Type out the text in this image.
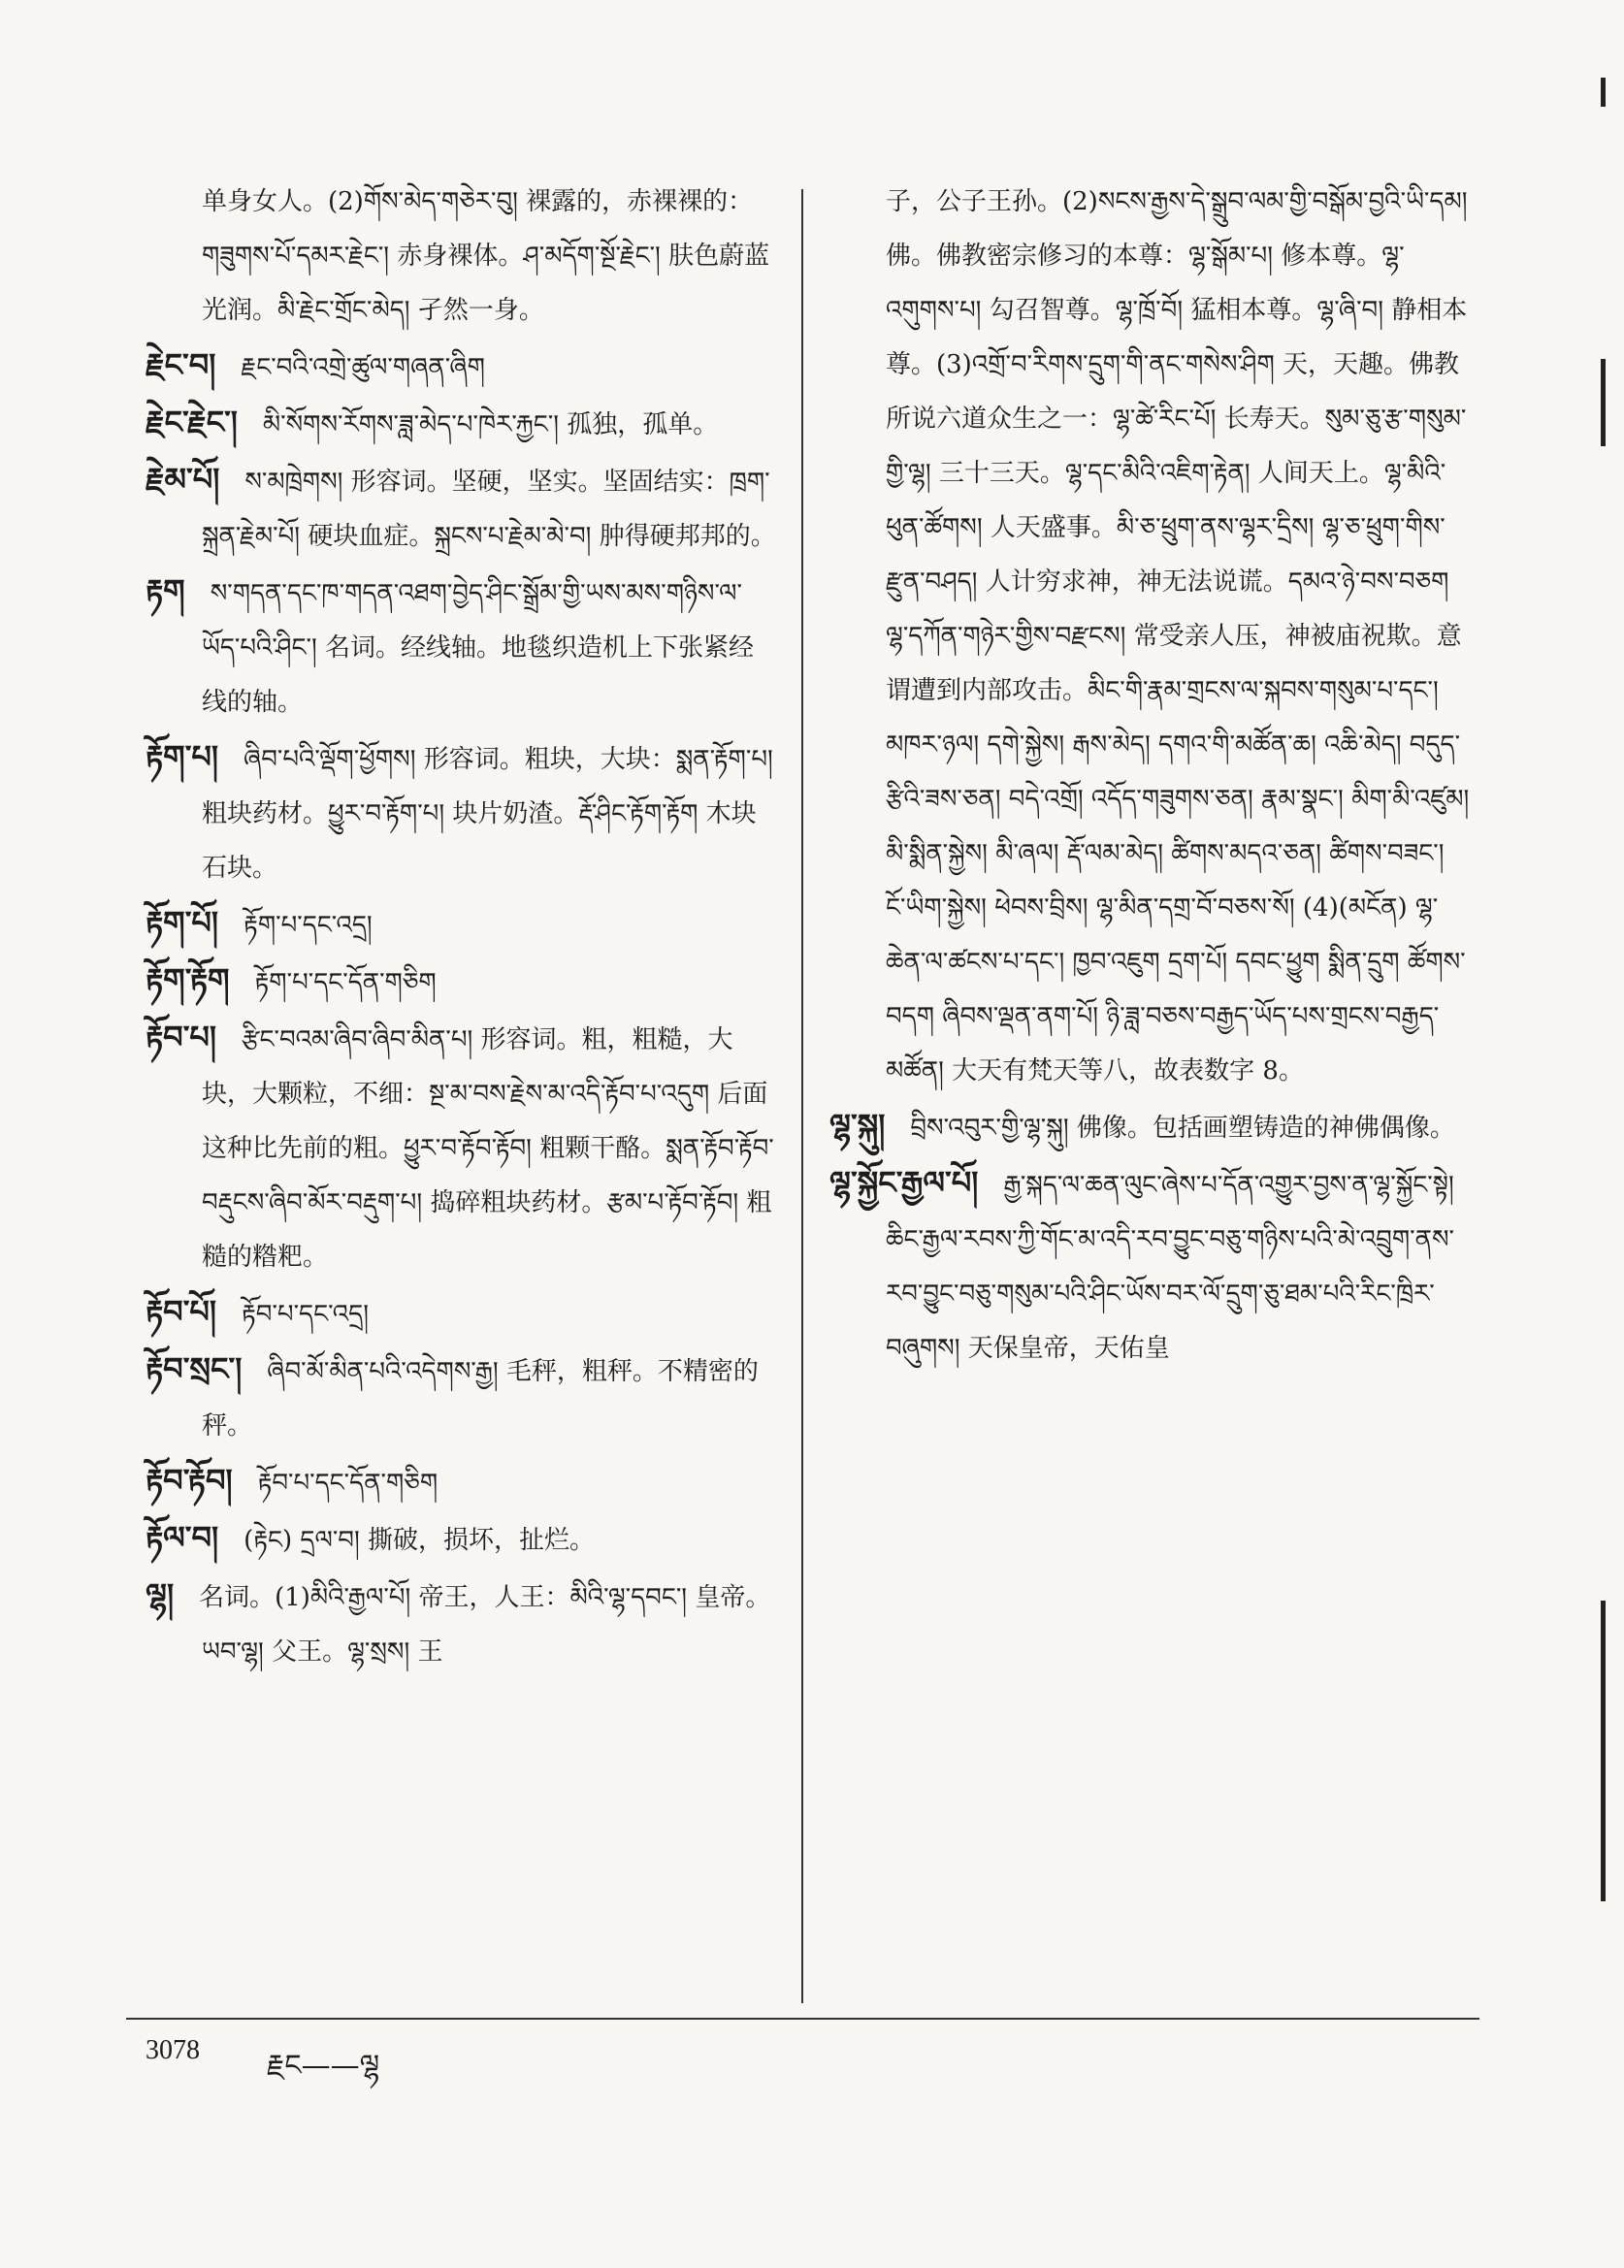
单身女人。(2)གོས་མེད་གཅེར་བུ། 裸露的，赤裸裸的：གཟུགས་པོ་དམར་རྗེང་། 赤身裸体。ཤ་མདོག་སྔོ་རྗེང་། 肤色蔚蓝光润。མི་རྗེང་གྲོང་མེད། 孑然一身。

རྗེང་བ།  རྗང་བའི་འགྲེ་ཚུལ་གཞན་ཞིག

རྗེང་རྗེང་།  མི་སོགས་རོགས་ཟླ་མེད་པ་ཁེར་རྐྱང་། 孤独，孤单。

རྗེམ་པོ།  ས་མཁྲེགས། 形容词。坚硬，坚实。坚固结实：ཁྲག་སྐྲན་རྗེམ་པོ། 硬块血症。སྐྲངས་པ་རྗེམ་མེ་བ། 肿得硬邦邦的。

རྟག  ས་གདན་དང་ཁ་གདན་འཐག་བྱེད་ཤིང་སྒྲོམ་གྱི་ཡས་མས་གཉིས་ལ་ཡོད་པའི་ཤིང་། 名词。经线轴。地毯织造机上下张紧经线的轴。

རྟོག་པ།  ཞིབ་པའི་ལྡོག་ཕྱོགས། 形容词。粗块，大块：སྨན་རྟོག་པ། 粗块药材。ཕྱུར་བ་རྟོག་པ། 块片奶渣。རྡོ་ཤིང་རྟོག་རྟོག 木块石块。

རྟོག་པོ།  རྟོག་པ་དང་འདྲ།

རྟོག་རྟོག  རྟོག་པ་དང་དོན་གཅིག

རྟོབ་པ།  རྩིང་བའམ་ཞིབ་ཞིབ་མིན་པ། 形容词。粗，粗糙，大块，大颗粒，不细：སྔ་མ་བས་རྗེས་མ་འདི་རྟོབ་པ་འདུག 后面这种比先前的粗。ཕྱུར་བ་རྟོབ་རྟོབ། 粗颗干酪。སྨན་རྟོབ་རྟོབ་བརྡུངས་ཞིབ་མོར་བརྡུག་པ། 捣碎粗块药材。རྩམ་པ་རྟོབ་རྟོབ། 粗糙的糌粑。

རྟོབ་པོ།  རྟོབ་པ་དང་འདྲ།

རྟོབ་སྲང་།  ཞིབ་མོ་མིན་པའི་འདེགས་རྒྱ། 毛秤，粗秤。不精密的秤。

རྟོབ་རྟོབ།  རྟོབ་པ་དང་དོན་གཅིག

རྟོལ་བ།  (རྟེང) དྲལ་བ། 撕破，损坏，扯烂。

ལྷ།  名词。(1)མིའི་རྒྱལ་པོ། 帝王，人王：མིའི་ལྷ་དབང་། 皇帝。ཡབ་ལྷ། 父王。ལྷ་སྲས། 王

子，公子王孙。(2)སངས་རྒྱས་དེ་སྒྲུབ་ལམ་གྱི་བསྒོམ་བྱའི་ཡི་དམ། 佛。佛教密宗修习的本尊：ལྷ་སྒོམ་པ། 修本尊。ལྷ་འགུགས་པ། 勾召智尊。ལྷ་ཁྲོ་བོ། 猛相本尊。ལྷ་ཞི་བ། 静相本尊。(3)འགྲོ་བ་རིགས་དྲུག་གི་ནང་གསེས་ཤིག 天，天趣。佛教所说六道众生之一：ལྷ་ཚེ་རིང་པོ། 长寿天。སུམ་ཅུ་རྩ་གསུམ་གྱི་ལྷ། 三十三天。ལྷ་དང་མིའི་འཇིག་རྟེན། 人间天上。ལྷ་མིའི་ཕུན་ཚོགས། 人天盛事。མི་ཅ་ཕྲུག་ནས་ལྷར་དྲིས། ལྷ་ཅ་ཕྲུག་གིས་རྫུན་བཤད། 人计穷求神，神无法说谎。དམའ་ཉེ་བས་བཅག ལྷ་དཀོན་གཉེར་གྱིས་བརྫངས། 常受亲人压，神被庙祝欺。意谓遭到内部攻击。མིང་གི་རྣམ་གྲངས་ལ་སྐབས་གསུམ་པ་དང་། མཁར་ཉལ། དགེ་སྐྱེས། རྒས་མེད། དགའ་གི་མཚོན་ཆ། འཆི་མེད། བདུད་རྩིའི་ཟས་ཅན། བདེ་འགྲོ། འདོད་གཟུགས་ཅན། རྣམ་སྣང་། མིག་མི་འཛུམ། མི་སྨིན་སྐྱེས། མི་ཞལ། རྡོ་ལམ་མེད། ཚིགས་མདའ་ཅན། ཚིགས་བཟང་། ངོ་ཡིག་སྐྱེས། ཕེབས་བྲིས། ལྷ་མིན་དགྲ་བོ་བཅས་སོ། (4)(མངོན) ལྷ་ཆེན་ལ་ཚངས་པ་དང་། ཁྱབ་འཇུག དྲག་པོ། དབང་ཕྱུག སྨིན་དྲུག ཚོགས་བདག ཞིབས་ལྡན་ནག་པོ། ཉི་ཟླ་བཅས་བརྒྱད་ཡོད་པས་གྲངས་བརྒྱད་མཚོན། 大天有梵天等八，故表数字 8。

ལྷ་སྐུ།  བྲིས་འབུར་གྱི་ལྷ་སྐུ། 佛像。包括画塑铸造的神佛偶像。

ལྷ་སྐྱོང་རྒྱལ་པོ།  རྒྱ་སྐད་ལ་ཆན་ལུང་ཞེས་པ་དོན་འགྱུར་བྱས་ན་ལྷ་སྐྱོང་སྟེ། ཆིང་རྒྱལ་རབས་ཀྱི་གོང་མ་འདི་རབ་བྱུང་བཅུ་གཉིས་པའི་མེ་འབྲུག་ནས་རབ་བྱུང་བཅུ་གསུམ་པའི་ཤིང་ཡོས་བར་ལོ་དྲུག་ཅུ་ཐམ་པའི་རིང་ཁྲིར་བཞུགས། 天保皇帝，天佑皇

3078 རྗང——ལྷ
